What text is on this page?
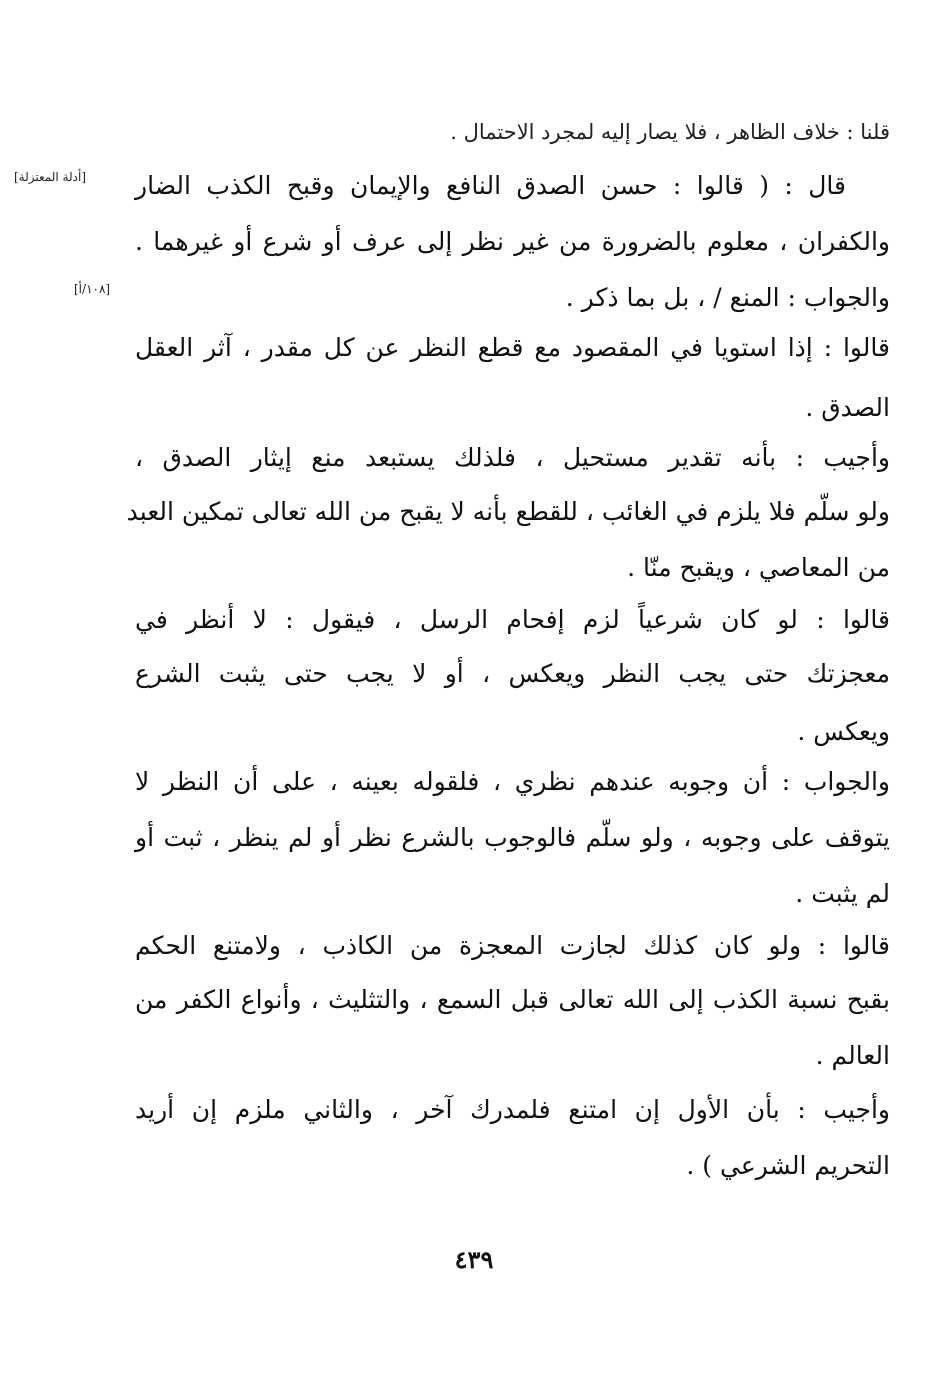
قلنا : خلاف الظاهر ، فلا يصار إليه لمجرد الاحتمال .
قال : ( قالوا : حسن الصدق النافع والإيمان وقبح الكذب الضار
[أدلة المعتزلة]
والكفران ، معلوم بالضرورة من غير نظر إلى عرف أو شرع أو غيرهما .
والجواب : المنع / ، بل بما ذكر .
[١٠٨/أ]
قالوا : إذا استويا في المقصود مع قطع النظر عن كل مقدر ، آثر العقل
الصدق .
وأجيب : بأنه تقدير مستحيل ، فلذلك يستبعد منع إيثار الصدق ،
ولو سلّم فلا يلزم في الغائب ، للقطع بأنه لا يقبح من الله تعالى تمكين العبد
من المعاصي ، ويقبح منّا .
قالوا : لو كان شرعياً لزم إفحام الرسل ، فيقول : لا أنظر في
معجزتك حتى يجب النظر ويعكس ، أو لا يجب حتى يثبت الشرع
ويعكس .
والجواب : أن وجوبه عندهم نظري ، فلقوله بعينه ، على أن النظر لا
يتوقف على وجوبه ، ولو سلّم فالوجوب بالشرع نظر أو لم ينظر ، ثبت أو
لم يثبت .
قالوا : ولو كان كذلك لجازت المعجزة من الكاذب ، ولامتنع الحكم
بقبح نسبة الكذب إلى الله تعالى قبل السمع ، والتثليث ، وأنواع الكفر من
العالم .
وأجيب : بأن الأول إن امتنع فلمدرك آخر ، والثاني ملزم إن أريد
التحريم الشرعي ) .
٤٣٩
